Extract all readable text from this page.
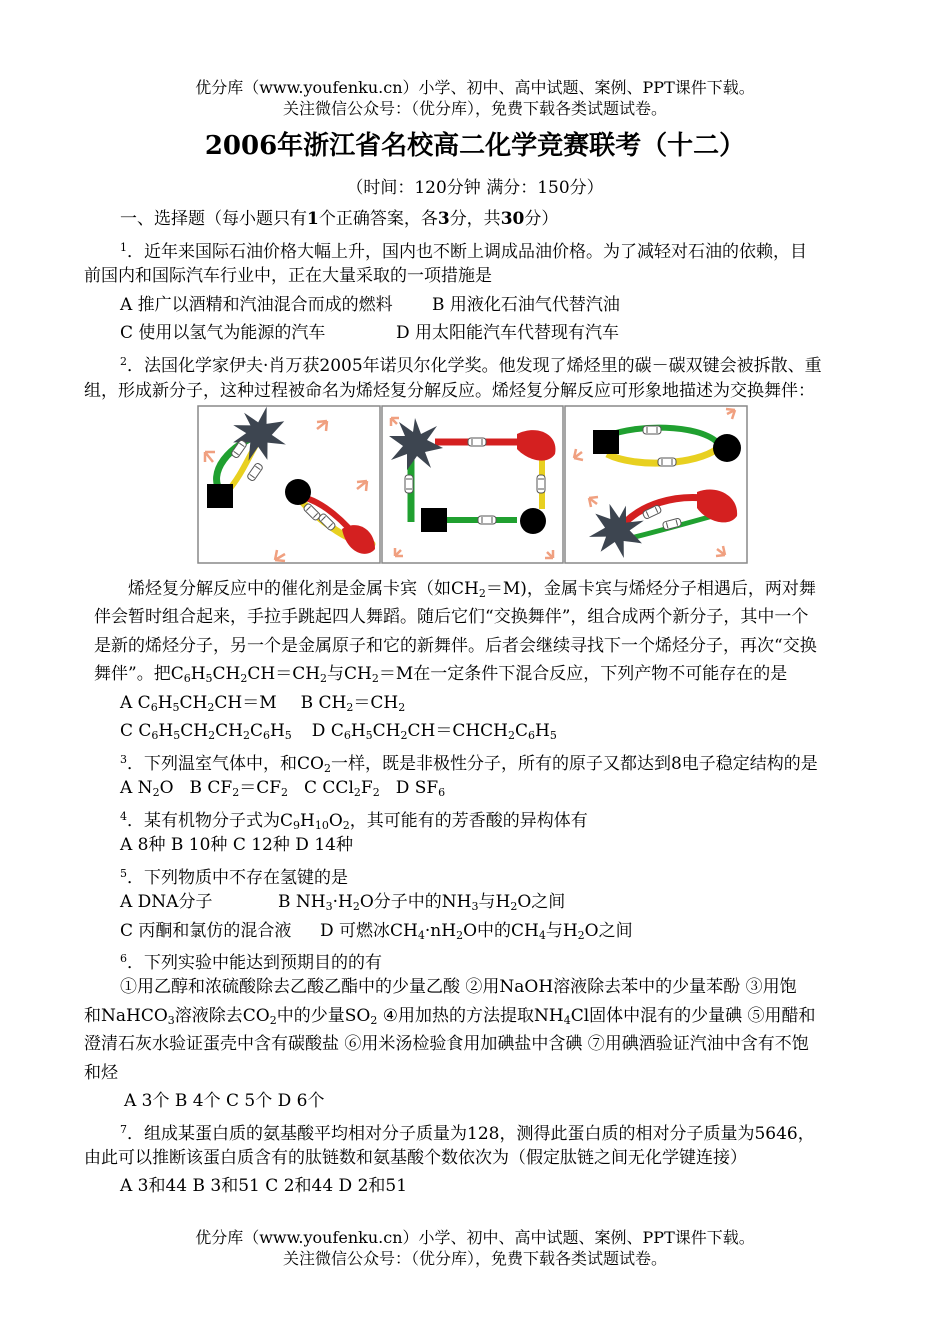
优分库（www.youfenku.cn）小学、初中、高中试题、案例、PPT课件下载。
关注微信公众号：（优分库），免费下载各类试题试卷。
2006年浙江省名校高二化学竞赛联考（十二）
（时间：120分钟 满分：150分）
一、选择题（每小题只有1个正确答案，各3分，共30分）
$^1$．近年来国际石油价格大幅上升，国内也不断上调成品油价格。为了减轻对石油的依赖，目
前国内和国际汽车行业中，正在大量采取的一项措施是
A 推广以酒精和汽油混合而成的燃料 B 用液化石油气代替汽油
C 使用以氢气为能源的汽车	D 用太阳能汽车代替现有汽车
$^2$．法国化学家伊夫·肖万获2005年诺贝尔化学奖。他发现了烯烃里的碳－碳双键会被拆散、重
组，形成新分子，这种过程被命名为烯烃复分解反应。烯烃复分解反应可形象地描述为交换舞伴：
烯烃复分解反应中的催化剂是金属卡宾（如$CH_2=M$)，金属卡宾与烯烃分子相遇后，两对舞
伴会暂时组合起来，手拉手跳起四人舞蹈。随后它们“交换舞伴”，组合成两个新分子，其中一个
是新的烯烃分子，另一个是金属原子和它的新舞伴。后者会继续寻找下一个烯烃分子，再次“交换
舞伴”。把$C_6H_5CH_2CH=CH_2$与$CH_2=M$在一定条件下混合反应，下列产物不可能存在的是
A $C_6H_5CH_2CH=M$ B $CH_2=CH_2$
C $C_6H_5CH_2CH_2C_6H_5$ D $C_6H_5CH_2CH=CHCH_2C_6H_5$
$^3$．下列温室气体中，和$CO_2$一样，既是非极性分子，所有的原子又都达到8电子稳定结构的是
A $N_2O$ B $CF_2=CF_2$ C $CCl_2F_2$ D $SF_6$
$^4$．某有机物分子式为$C_9H_{10}O_2$，其可能有的芳香酸的异构体有
A 8种 B 10种 C 12种 D 14种
$^5$．下列物质中不存在氢键的是
A DNA分子	B $NH_3\cdot H_2O$分子中的$NH_3$与$H_2O$之间
C 丙酮和氯仿的混合液 D 可燃冰$CH_4\cdot nH_2O$中的$CH_4$与$H_2O$之间
$^6$．下列实验中能达到预期目的的有
①用乙醇和浓硫酸除去乙酸乙酯中的少量乙酸 ②用NaOH溶液除去苯中的少量苯酚 ③用饱
和NaHCO$_3$溶液除去$CO_2$中的少量$SO_2$ ④用加热的方法提取$NH_4Cl$固体中混有的少量碘 ⑤用醋和
澄清石灰水验证蛋壳中含有碳酸盐 ⑥用米汤检验食用加碘盐中含碘 ⑦用碘酒验证汽油中含有不饱
和烃
A 3个 B 4个 C 5个 D 6个
$^7$．组成某蛋白质的氨基酸平均相对分子质量为128，测得此蛋白质的相对分子质量为5646，
由此可以推断该蛋白质含有的肽链数和氨基酸个数依次为（假定肽链之间无化学键连接）
A 3和44 B 3和51 C 2和44 D 2和51
优分库（www.youfenku.cn）小学、初中、高中试题、案例、PPT课件下载。
关注微信公众号：（优分库），免费下载各类试题试卷。
